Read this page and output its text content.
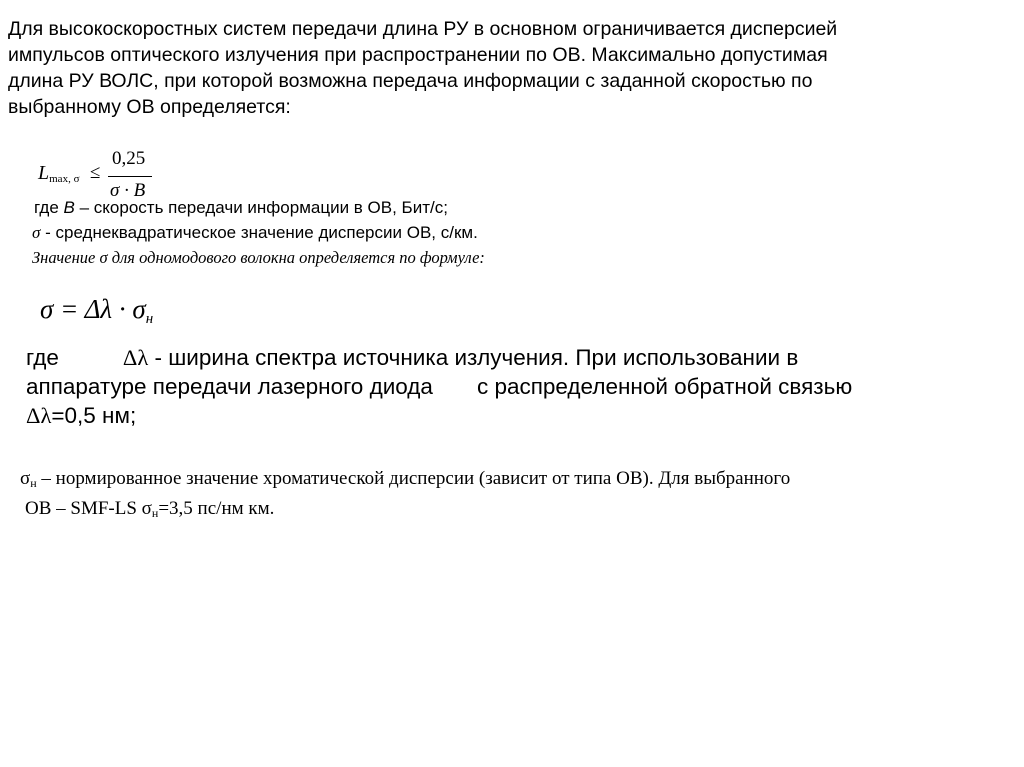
Для высокоскоростных систем передачи длина РУ в основном ограничивается дисперсией
импульсов оптического излучения при распространении по ОВ. Максимально допустимая
длина РУ ВОЛС, при которой возможна передача информации с заданной скоростью по
выбранному ОВ определяется:
$L_{max, \sigma}$ ≤
0,25
σ · B
где B – скорость передачи информации в ОВ, Бит/с;
σ - среднеквадратическое значение дисперсии ОВ, с/км.
Значение σ для одномодового волокна определяется по формуле:
$\sigma = \Delta\lambda \cdot \sigma_н$
где	Δλ - ширина спектра источника излучения. При использовании в
аппаратуре передачи лазерного диода с распределенной обратной связью
Δλ=0,5 нм;
$\sigma_н$ – нормированное значение хроматической дисперсии (зависит от типа ОВ). Для выбранного
ОВ – SMF-LS $\sigma_н=3,5$ пс/нм км.
